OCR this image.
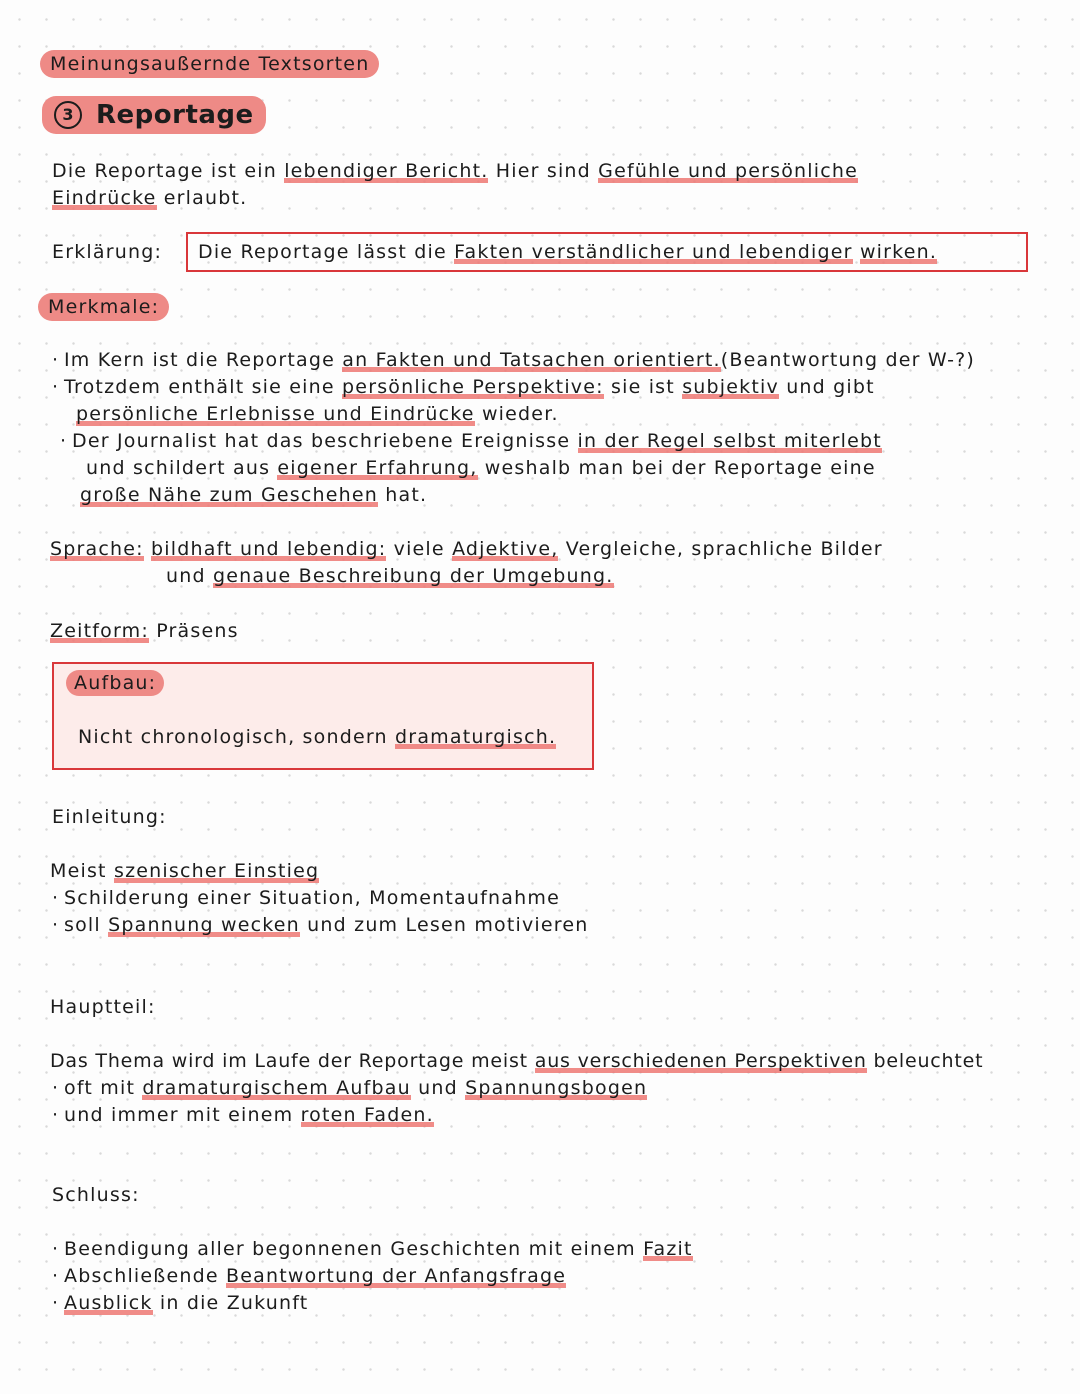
Meinungsaußernde Textsorten
3 Reportage
Die Reportage ist ein lebendiger Bericht. Hier sind Gefühle und persönliche
Eindrücke erlaubt.
Erklärung: Die Reportage lässt die Fakten verständlicher und lebendiger wirken.
Merkmale:
· Im Kern ist die Reportage an Fakten und Tatsachen orientiert.(Beantwortung der W-?)
· Trotzdem enthält sie eine persönliche Perspektive: sie ist subjektiv und gibt
persönliche Erlebnisse und Eindrücke wieder.
· Der Journalist hat das beschriebene Ereignisse in der Regel selbst miterlebt
und schildert aus eigener Erfahrung, weshalb man bei der Reportage eine
große Nähe zum Geschehen hat.
Sprache: bildhaft und lebendig: viele Adjektive, Vergleiche, sprachliche Bilder
und genaue Beschreibung der Umgebung.
Zeitform: Präsens
Aufbau:
Nicht chronologisch, sondern dramaturgisch.
Einleitung:
Meist szenischer Einstieg
· Schilderung einer Situation, Momentaufnahme
· soll Spannung wecken und zum Lesen motivieren
Hauptteil:
Das Thema wird im Laufe der Reportage meist aus verschiedenen Perspektiven beleuchtet
· oft mit dramaturgischem Aufbau und Spannungsbogen
· und immer mit einem roten Faden.
Schluss:
· Beendigung aller begonnenen Geschichten mit einem Fazit
· Abschließende Beantwortung der Anfangsfrage
· Ausblick in die Zukunft
